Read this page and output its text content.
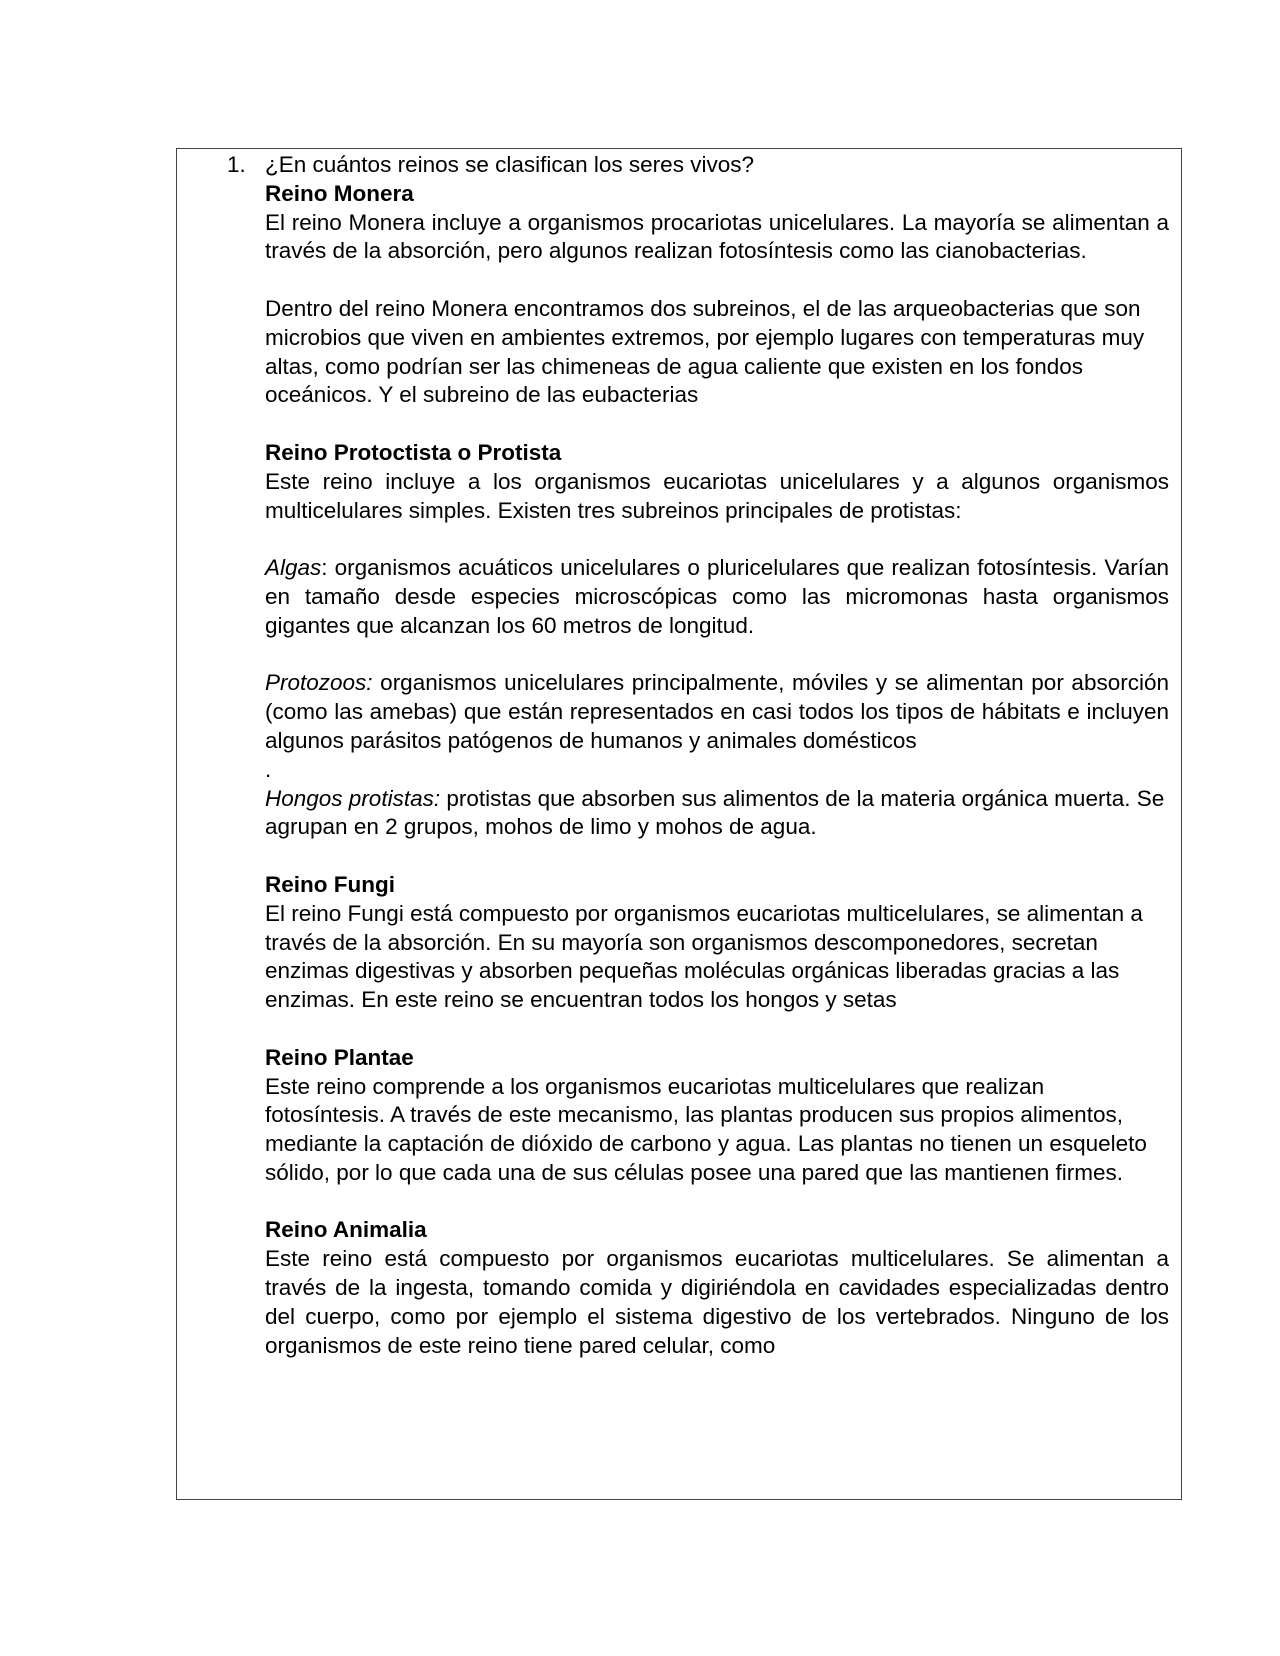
1. ¿En cuántos reinos se clasifican los seres vivos?

Reino Monera

El reino Monera incluye a organismos procariotas unicelulares. La mayoría se alimentan a través de la absorción, pero algunos realizan fotosíntesis como las cianobacterias.

Dentro del reino Monera encontramos dos subreinos, el de las arqueobacterias que son microbios que viven en ambientes extremos, por ejemplo lugares con temperaturas muy altas, como podrían ser las chimeneas de agua caliente que existen en los fondos oceánicos. Y el subreino de las eubacterias

Reino Protoctista o Protista

Este reino incluye a los organismos eucariotas unicelulares y a algunos organismos multicelulares simples. Existen tres subreinos principales de protistas:

Algas: organismos acuáticos unicelulares o pluricelulares que realizan fotosíntesis. Varían en tamaño desde especies microscópicas como las micromonas hasta organismos gigantes que alcanzan los 60 metros de longitud.

Protozoos: organismos unicelulares principalmente, móviles y se alimentan por absorción (como las amebas) que están representados en casi todos los tipos de hábitats e incluyen algunos parásitos patógenos de humanos y animales domésticos

.

Hongos protistas: protistas que absorben sus alimentos de la materia orgánica muerta. Se agrupan en 2 grupos, mohos de limo y mohos de agua.

Reino Fungi

El reino Fungi está compuesto por organismos eucariotas multicelulares, se alimentan a través de la absorción. En su mayoría son organismos descomponedores, secretan enzimas digestivas y absorben pequeñas moléculas orgánicas liberadas gracias a las enzimas. En este reino se encuentran todos los hongos y setas

Reino Plantae

Este reino comprende a los organismos eucariotas multicelulares que realizan fotosíntesis. A través de este mecanismo, las plantas producen sus propios alimentos, mediante la captación de dióxido de carbono y agua. Las plantas no tienen un esqueleto sólido, por lo que cada una de sus células posee una pared que las mantienen firmes.

Reino Animalia

Este reino está compuesto por organismos eucariotas multicelulares. Se alimentan a través de la ingesta, tomando comida y digiriéndola en cavidades especializadas dentro del cuerpo, como por ejemplo el sistema digestivo de los vertebrados. Ninguno de los organismos de este reino tiene pared celular, como
